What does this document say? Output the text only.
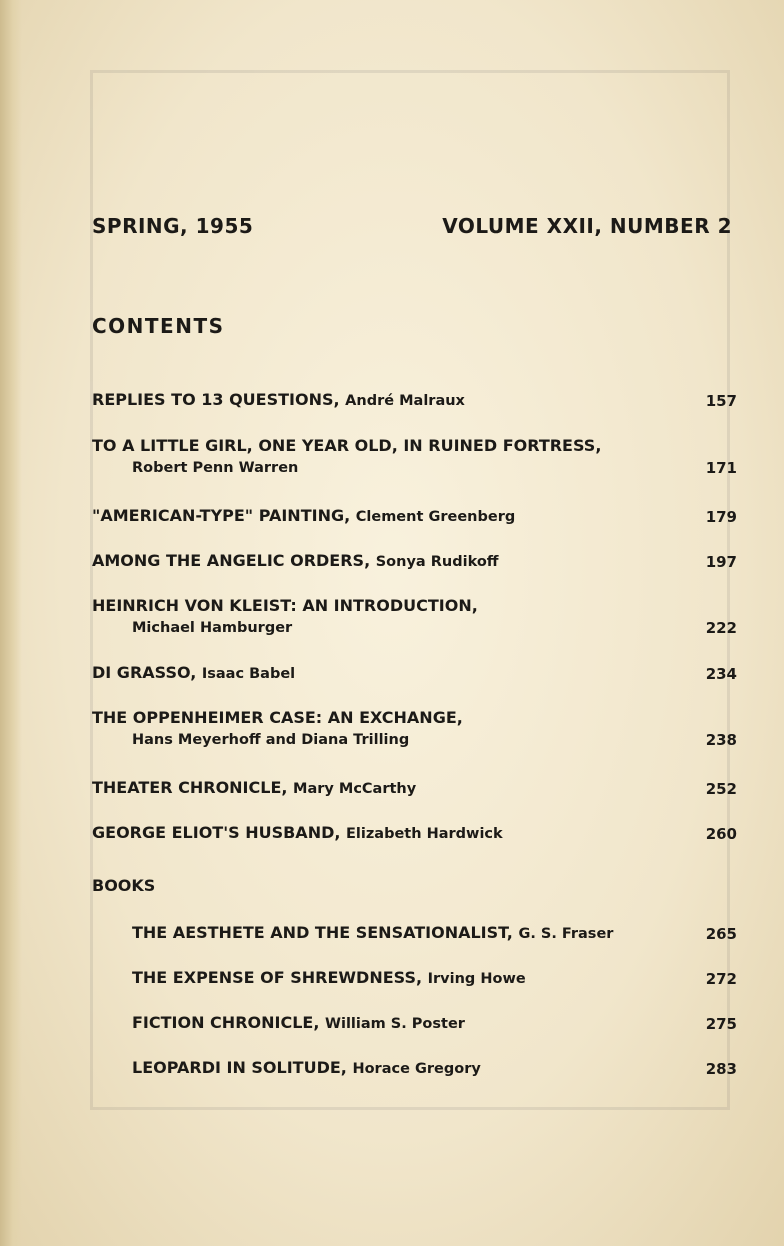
SPRING, 1955	VOLUME XXII, NUMBER 2
CONTENTS
REPLIES TO 13 QUESTIONS, André Malraux	157
TO A LITTLE GIRL, ONE YEAR OLD, IN RUINED FORTRESS,
Robert Penn Warren	171
"AMERICAN-TYPE" PAINTING, Clement Greenberg	179
AMONG THE ANGELIC ORDERS, Sonya Rudikoff	197
HEINRICH VON KLEIST: AN INTRODUCTION,
Michael Hamburger	222
DI GRASSO, Isaac Babel	234
THE OPPENHEIMER CASE: AN EXCHANGE,
Hans Meyerhoff and Diana Trilling	238
THEATER CHRONICLE, Mary McCarthy	252
GEORGE ELIOT'S HUSBAND, Elizabeth Hardwick	260
BOOKS
THE AESTHETE AND THE SENSATIONALIST, G. S. Fraser	265
THE EXPENSE OF SHREWDNESS, Irving Howe	272
FICTION CHRONICLE, William S. Poster	275
LEOPARDI IN SOLITUDE, Horace Gregory	283
